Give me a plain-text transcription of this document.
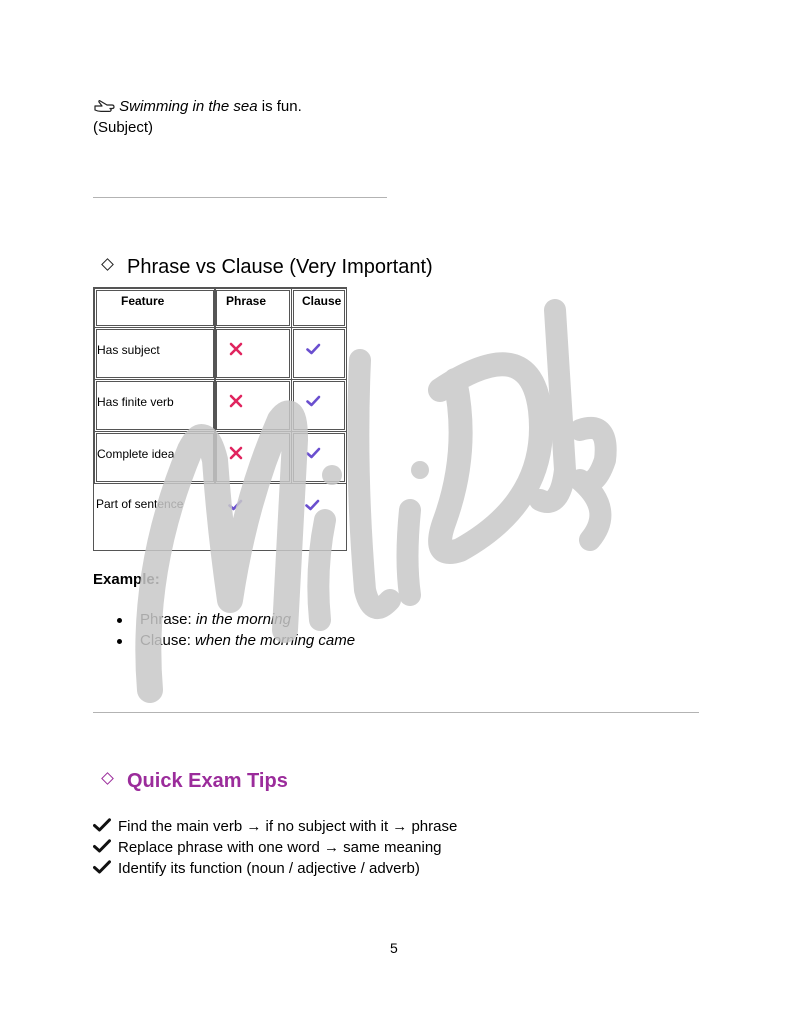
Swimming in the sea is fun.
(Subject)
Phrase vs Clause (Very Important)
Feature	Phrase	Clause
Has subject
Has finite verb
Complete idea
Part of sentence
Example:
Phrase: in the morning
Clause: when the morning came
Quick Exam Tips
Find the main verb → if no subject with it → phrase
Replace phrase with one word → same meaning
Identify its function (noun / adjective / adverb)
5
